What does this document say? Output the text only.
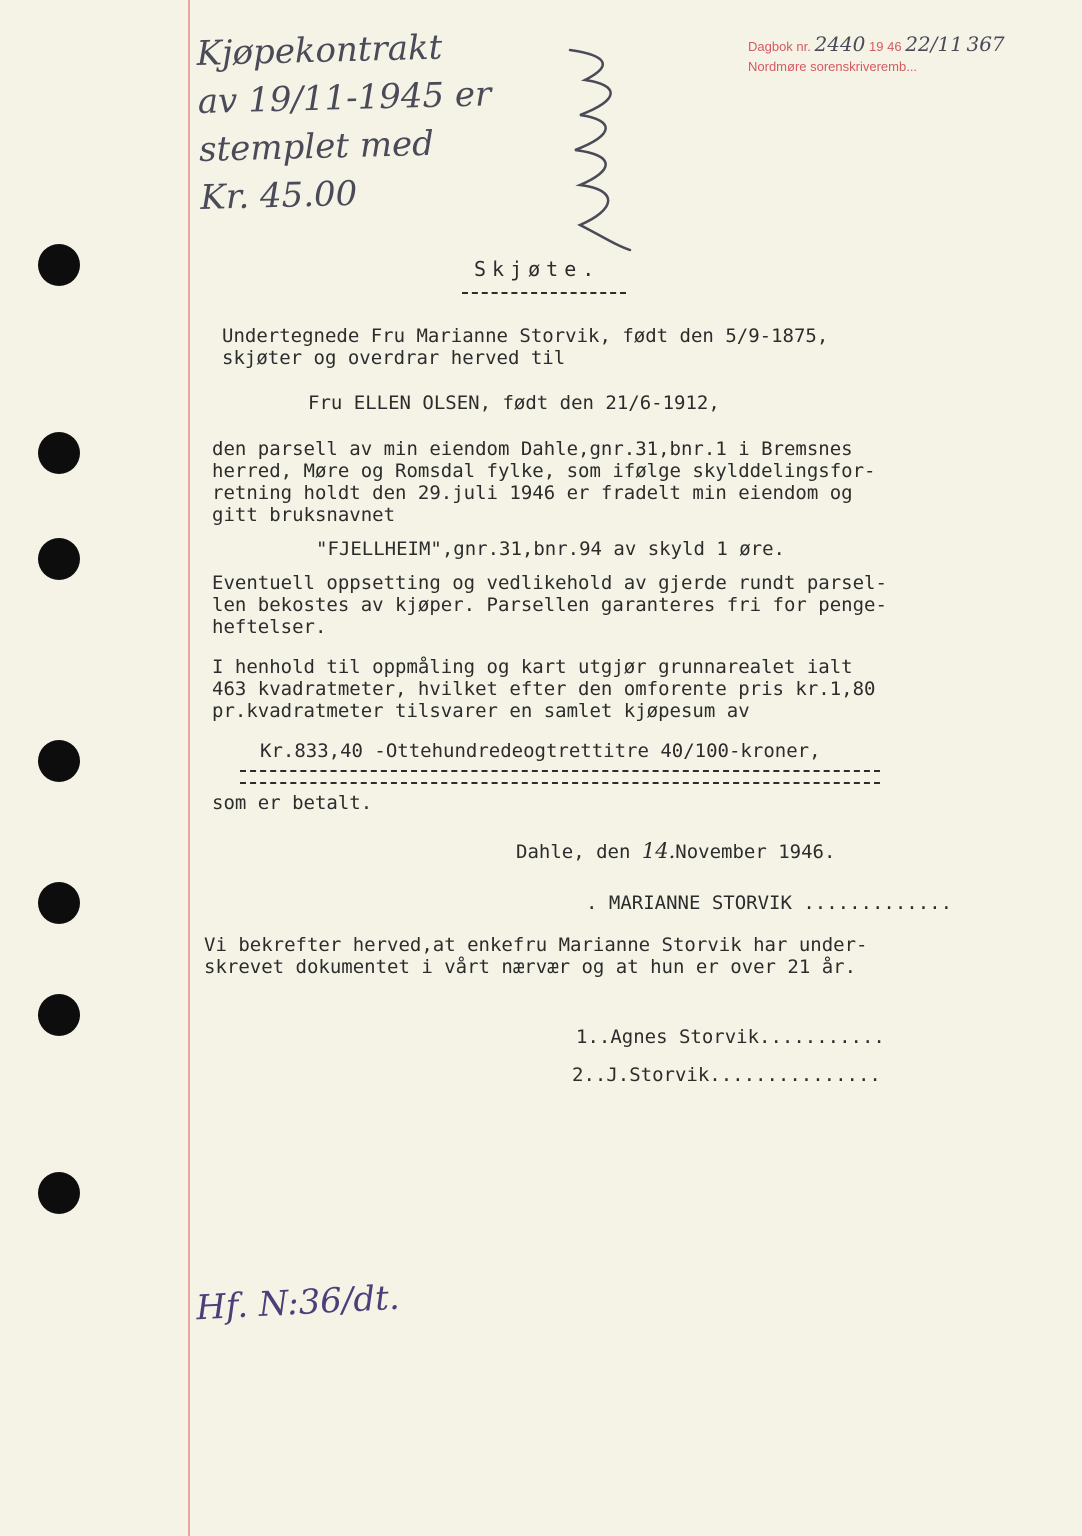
Kjøpekontrakt
av 19/11-1945 er
stemplet med
Kr. 45.00
Dagbok nr. 2440 19 46 22/11 367
Nordmøre sorenskriveremb...
Skjøte.
Undertegnede Fru Marianne Storvik, født den 5/9-1875,
skjøter og overdrar herved til
Fru ELLEN OLSEN, født den 21/6-1912,
den parsell av min eiendom Dahle,gnr.31,bnr.1 i Bremsnes
herred, Møre og Romsdal fylke, som ifølge skylddelingsfor-
retning holdt den 29.juli 1946 er fradelt min eiendom og
gitt bruksnavnet
"FJELLHEIM",gnr.31,bnr.94 av skyld 1 øre.
Eventuell oppsetting og vedlikehold av gjerde rundt parsel-
len bekostes av kjøper. Parsellen garanteres fri for penge-
heftelser.
I henhold til oppmåling og kart utgjør grunnarealet ialt
463 kvadratmeter, hvilket efter den omforente pris kr.1,80
pr.kvadratmeter tilsvarer en samlet kjøpesum av
Kr.833,40 -Ottehundredeogtrettitre 40/100-kroner,
som er betalt.
Dahle, den 14.November 1946.
. MARIANNE STORVIK .............
Vi bekrefter herved,at enkefru Marianne Storvik har under-
skrevet dokumentet i vårt nærvær og at hun er over 21 år.
1..Agnes Storvik...........
2..J.Storvik...............
Hf. N:36/dt.
